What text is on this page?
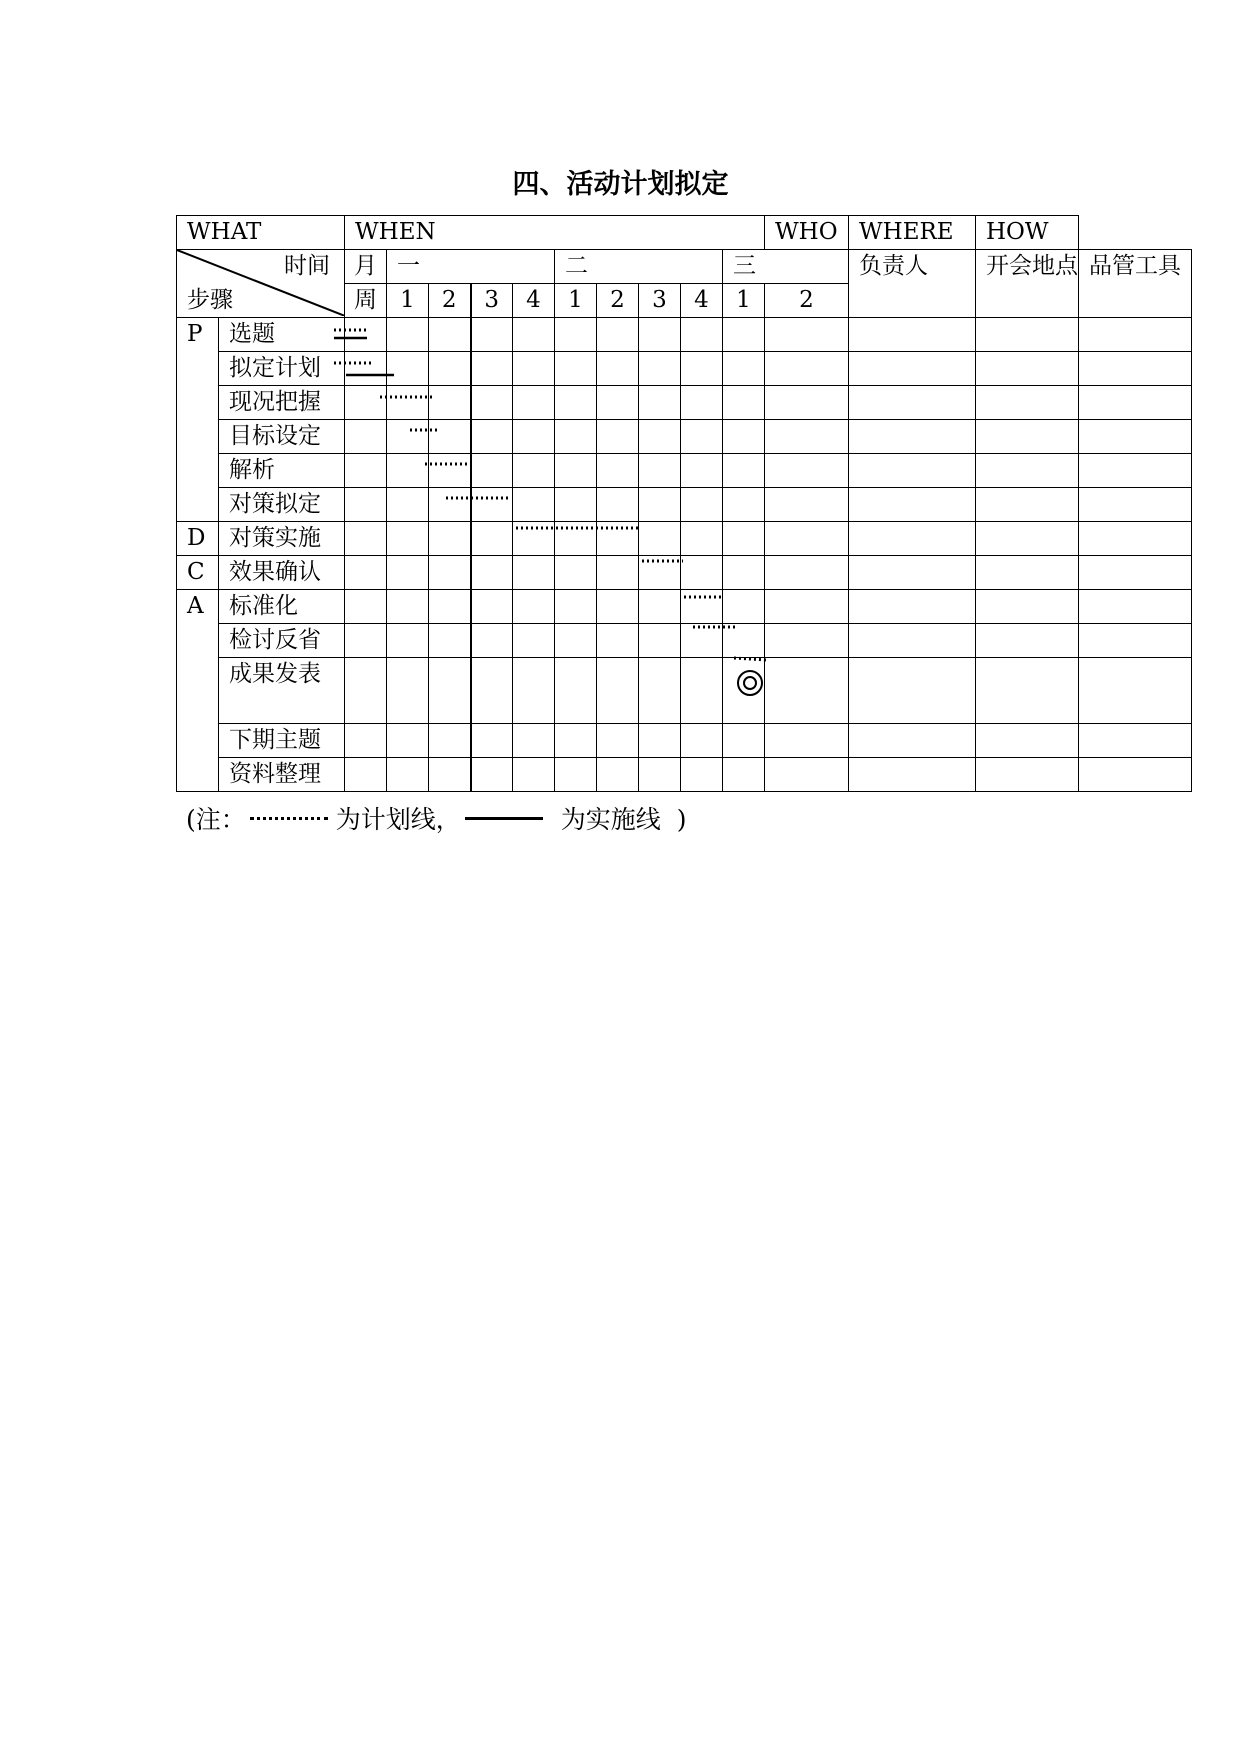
四、活动计划拟定
WHAT		WHEN										WHO	WHERE	HOW	

时间
步骤		月	一				二				三		负责人	开会地点	品管工具
		周	1	2	3	4	1	2	3	4	1	2			
P	选题														
	拟定计划														
	现况把握														
	目标设定														
	解析														
	对策拟定														
D	对策实施														
C	效果确认														
A	标准化														
	检讨反省														
	成果发表														
	下期主题														
	资料整理														
(注：	为计划线，	为实施线 )
